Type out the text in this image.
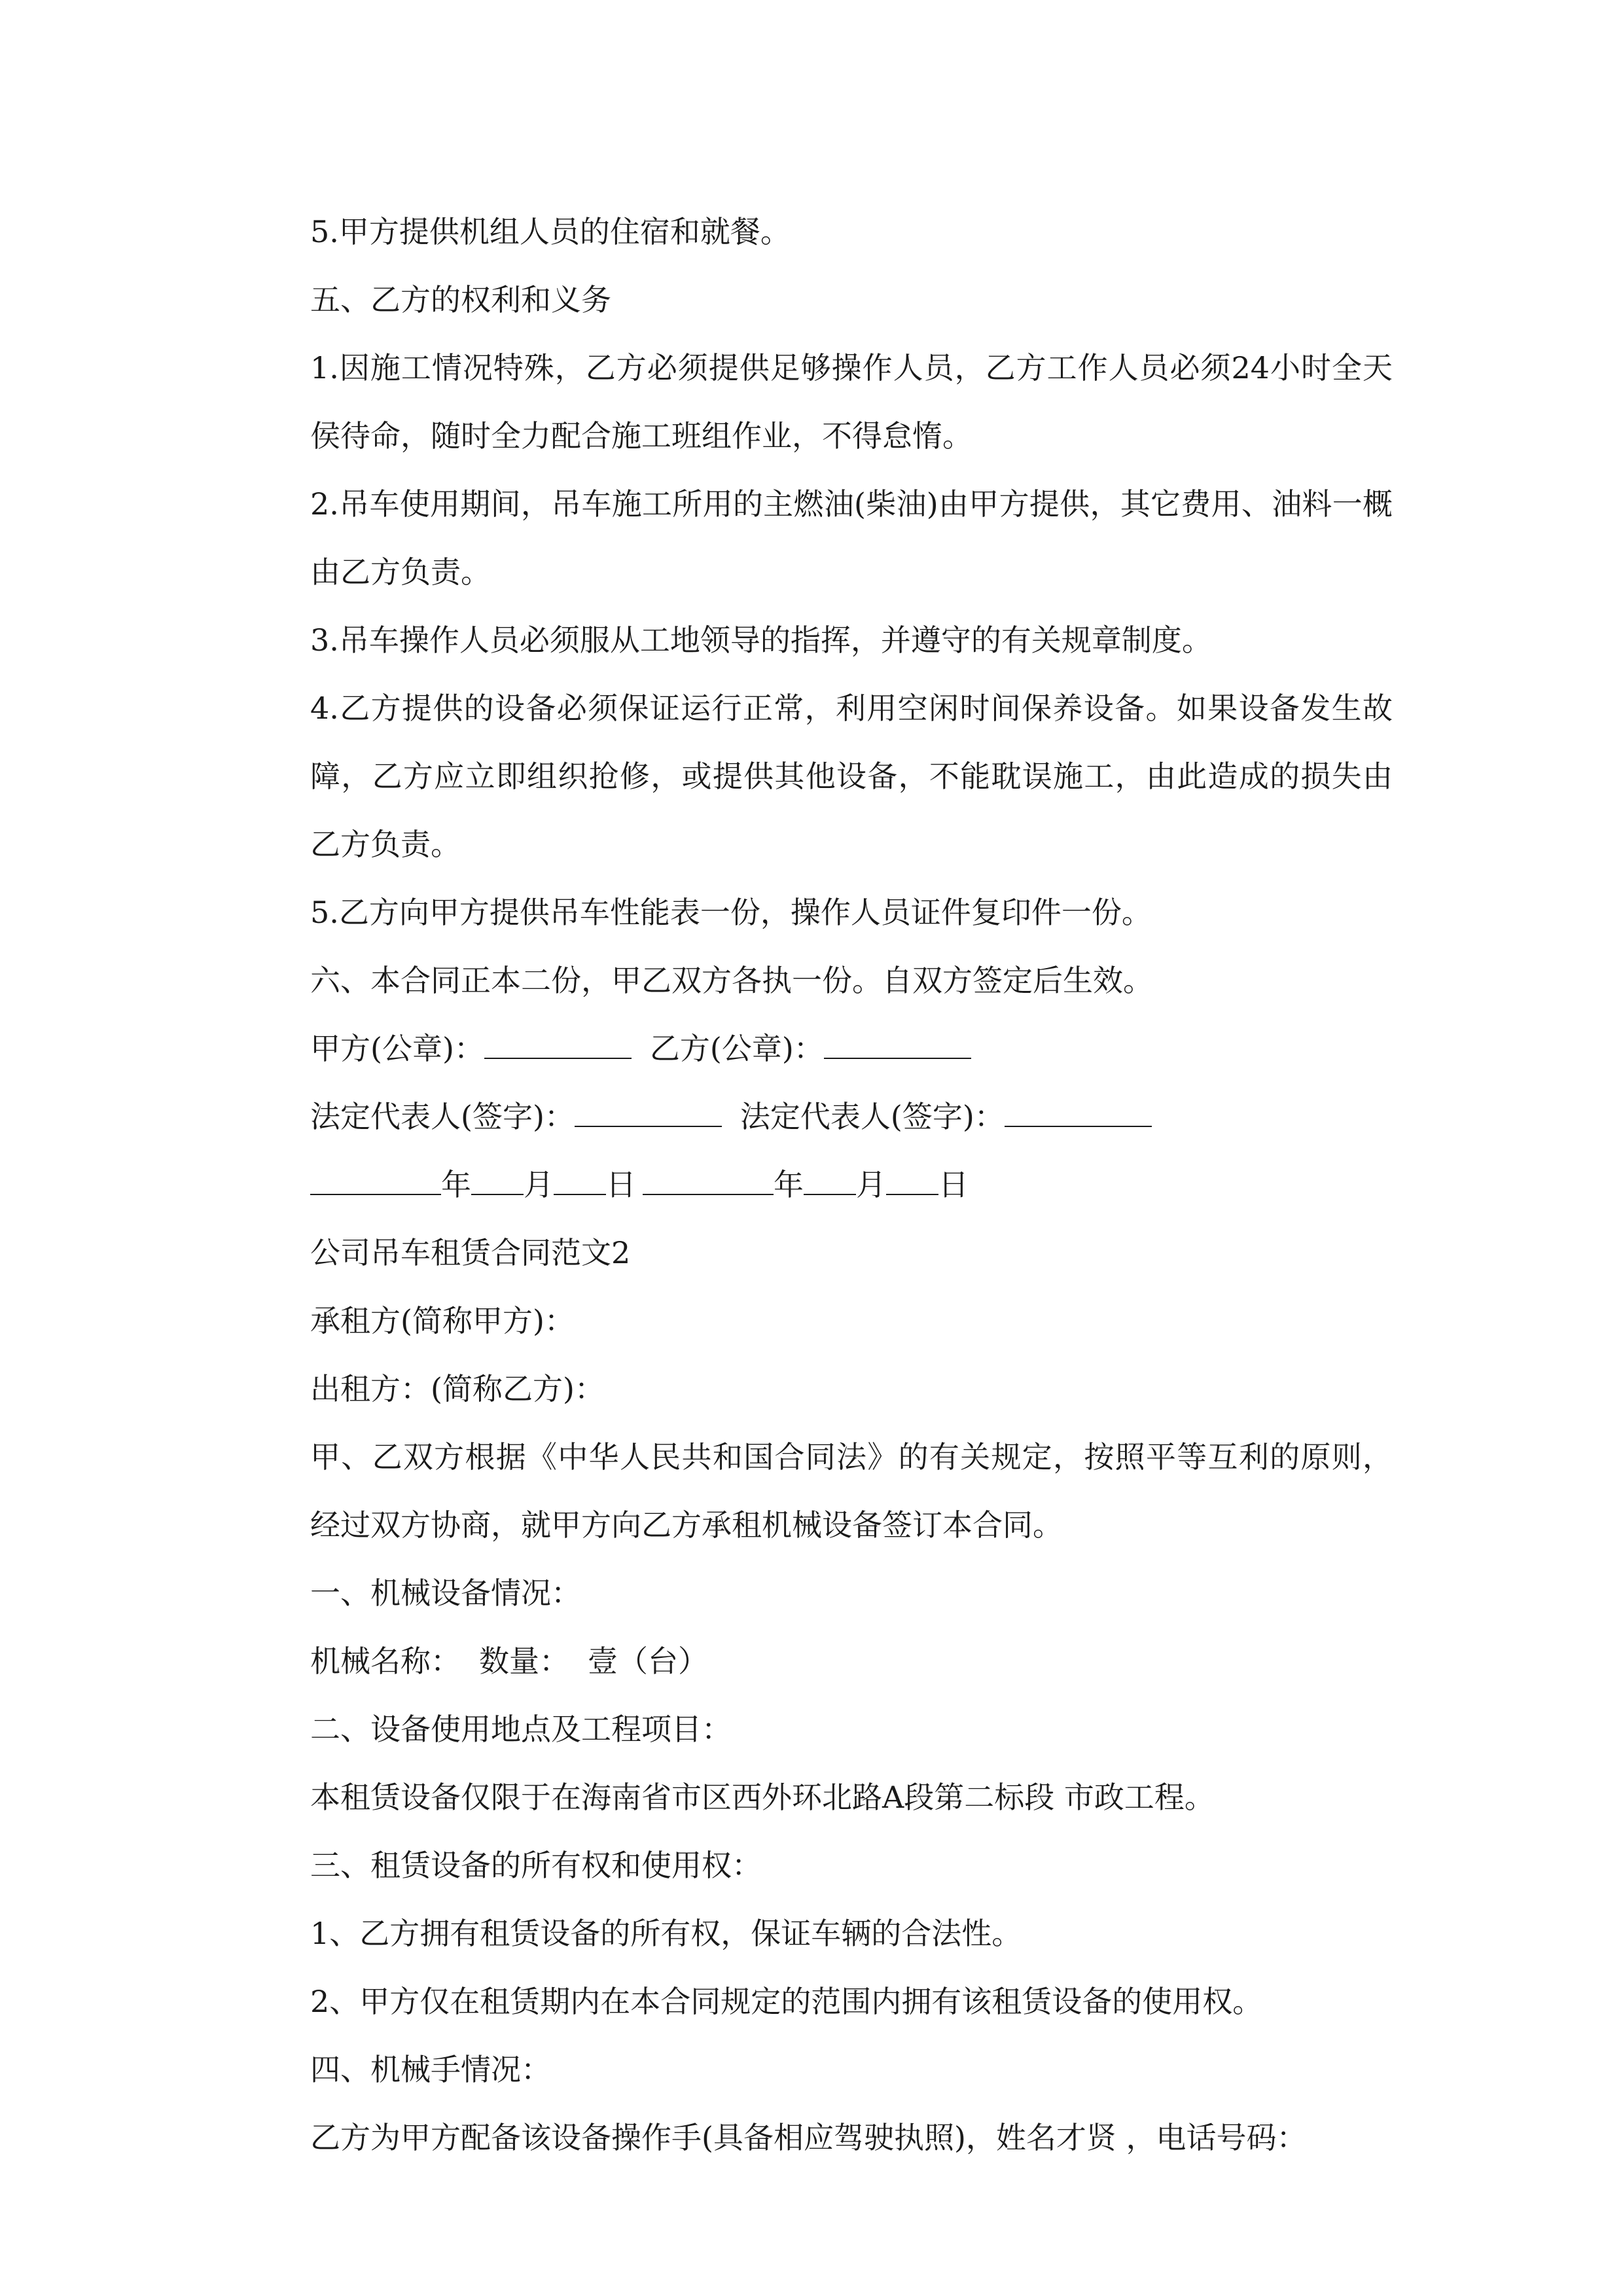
5.甲方提供机组人员的住宿和就餐。

五、乙方的权利和义务

1.因施工情况特殊，乙方必须提供足够操作人员，乙方工作人员必须24小时全天侯待命，随时全力配合施工班组作业，不得怠惰。

2.吊车使用期间，吊车施工所用的主燃油(柴油)由甲方提供，其它费用、油料一概由乙方负责。

3.吊车操作人员必须服从工地领导的指挥，并遵守的有关规章制度。

4.乙方提供的设备必须保证运行正常，利用空闲时间保养设备。如果设备发生故障，乙方应立即组织抢修，或提供其他设备，不能耽误施工，由此造成的损失由乙方负责。

5.乙方向甲方提供吊车性能表一份，操作人员证件复印件一份。

六、本合同正本二份，甲乙双方各执一份。自双方签定后生效。

甲方(公章)：	乙方(公章)：

法定代表人(签字)：	法定代表人(签字)：

年 月 日	年 月 日

公司吊车租赁合同范文2

承租方(简称甲方)：

出租方：(简称乙方)：

甲、乙双方根据《中华人民共和国合同法》的有关规定，按照平等互利的原则，经过双方协商，就甲方向乙方承租机械设备签订本合同。

一、机械设备情况：

机械名称： 数量： 壹（台）

二、设备使用地点及工程项目：

本租赁设备仅限于在海南省市区西外环北路A段第二标段 市政工程。

三、租赁设备的所有权和使用权：

1、乙方拥有租赁设备的所有权，保证车辆的合法性。

2、甲方仅在租赁期内在本合同规定的范围内拥有该租赁设备的使用权。

四、机械手情况：

乙方为甲方配备该设备操作手(具备相应驾驶执照)，姓名才贤 ，电话号码：
